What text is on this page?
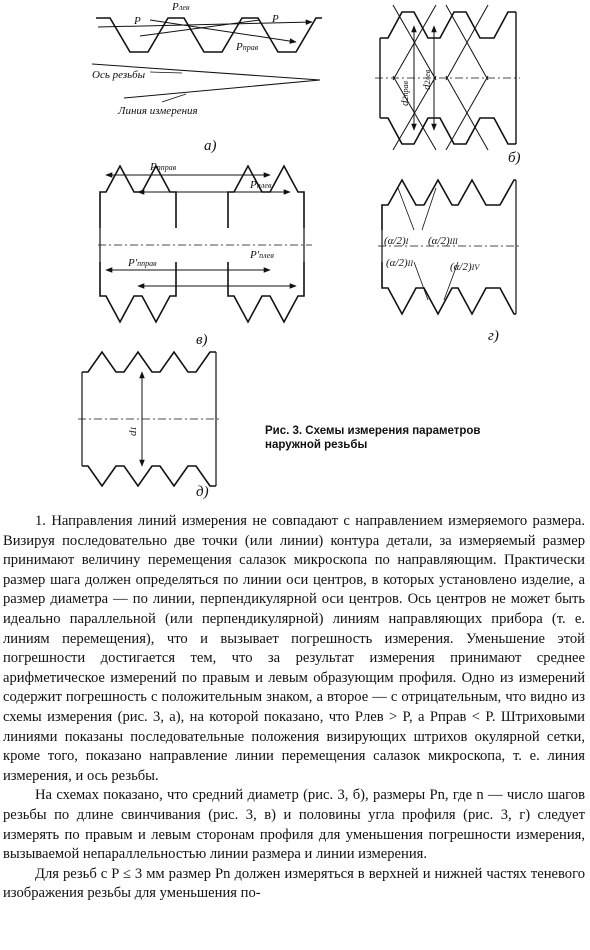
P
Pлев
P
Pправ
Ось резьбы
Линия измерения
а)
d2прав d2лев
б)
Pnправ
Pnлев
P'nправ
P'nлев
в)
(α/2)I (α/2)III
(α/2)II	(α/2)IV
г)
d1
д)
Рис. 3. Схемы измерения параметров
наружной резьбы

1. Направления линий измерения не совпадают с направлением измеряемого размера. Визируя последовательно две точки (или линии) контура детали, за измеряемый размер принимают величину перемещения салазок микроскопа по направляющим. Практически размер шага должен определяться по линии оси центров, в которых установлено изделие, а размер диаметра — по линии, перпендикулярной оси центров. Ось центров не может быть идеально параллельной (или перпендикулярной) линиям направляющих прибора (т. е. линиям перемещения), что и вызывает погрешность измерения. Уменьшение этой погрешности достигается тем, что за результат измерения принимают среднее арифметическое измерений по правым и левым образующим профиля. Одно из измерений содержит погрешность с положительным знаком, а второе — с отрицательным, что видно из схемы измерения (рис. 3, а), на которой показано, что Pлев > P, а Pправ < P. Штриховыми линиями показаны последовательные положения визирующих штрихов окулярной сетки, кроме того, показано направление линии перемещения салазок микроскопа, т. е. линия измерения, и ось резьбы.

На схемах показано, что средний диаметр (рис. 3, б), размеры Pn, где n — число шагов резьбы по длине свинчивания (рис. 3, в) и половины угла профиля (рис. 3, г) следует измерять по правым и левым сторонам профиля для уменьшения погрешности измерения, вызываемой непараллельностью линии размера и линии измерения.

Для резьб с P ≤ 3 мм размер Pn должен измеряться в верхней и нижней частях теневого изображения резьбы для уменьшения по-
